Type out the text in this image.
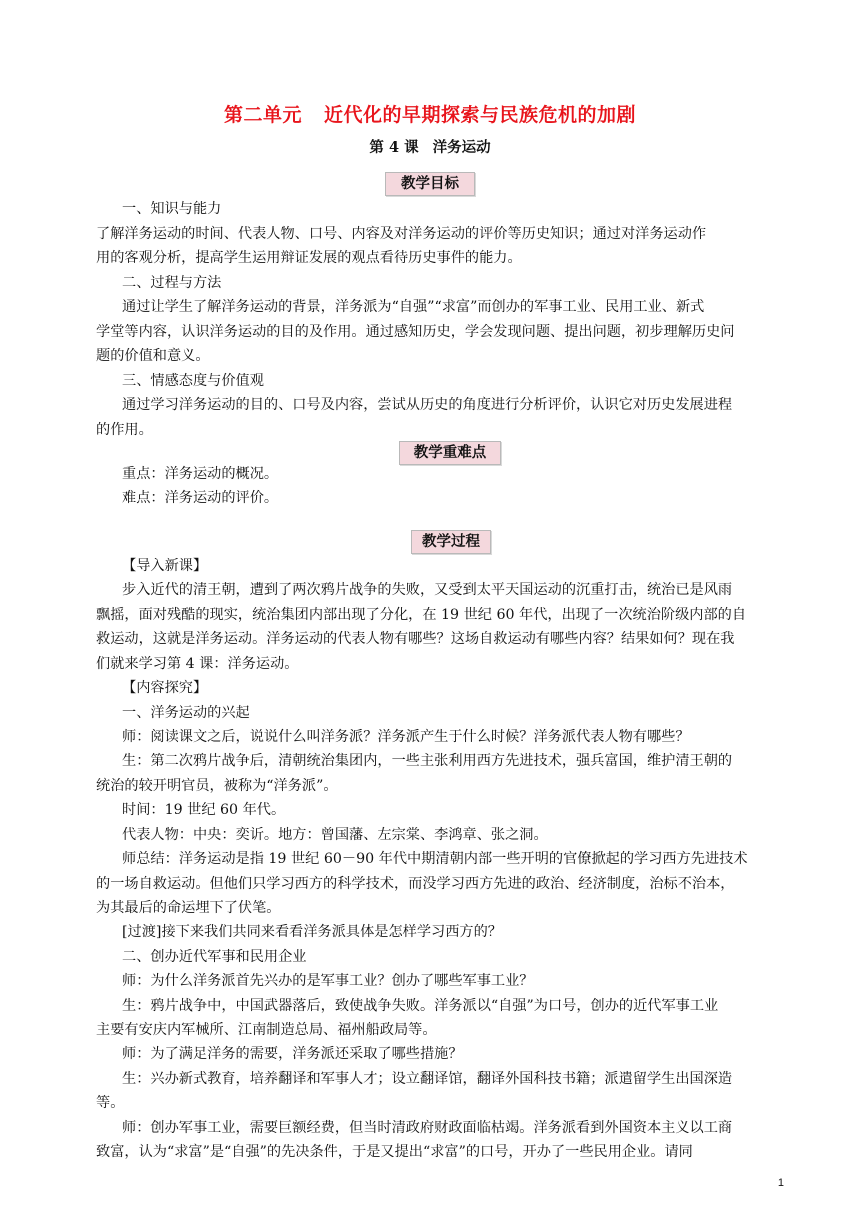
第二单元 近代化的早期探索与民族危机的加剧
第 4 课 洋务运动
教学目标
一、知识与能力
了解洋务运动的时间、代表人物、口号、内容及对洋务运动的评价等历史知识；通过对洋务运动作
用的客观分析，提高学生运用辩证发展的观点看待历史事件的能力。
二、过程与方法
通过让学生了解洋务运动的背景，洋务派为“自强”“求富”而创办的军事工业、民用工业、新式
学堂等内容，认识洋务运动的目的及作用。通过感知历史，学会发现问题、提出问题，初步理解历史问
题的价值和意义。
三、情感态度与价值观
通过学习洋务运动的目的、口号及内容，尝试从历史的角度进行分析评价，认识它对历史发展进程
的作用。
重点：洋务运动的概况。
难点：洋务运动的评价。
【导入新课】
步入近代的清王朝，遭到了两次鸦片战争的失败，又受到太平天国运动的沉重打击，统治已是风雨
飘摇，面对残酷的现实，统治集团内部出现了分化，在 19 世纪 60 年代，出现了一次统治阶级内部的自
救运动，这就是洋务运动。洋务运动的代表人物有哪些？这场自救运动有哪些内容？结果如何？现在我
们就来学习第 4 课：洋务运动。
【内容探究】
一、洋务运动的兴起
师：阅读课文之后，说说什么叫洋务派？洋务派产生于什么时候？洋务派代表人物有哪些？
生：第二次鸦片战争后，清朝统治集团内，一些主张利用西方先进技术，强兵富国，维护清王朝的
统治的较开明官员，被称为“洋务派”。
时间：19 世纪 60 年代。
代表人物：中央：奕䜣。地方：曾国藩、左宗棠、李鸿章、张之洞。
师总结：洋务运动是指 19 世纪 60－90 年代中期清朝内部一些开明的官僚掀起的学习西方先进技术
的一场自救运动。但他们只学习西方的科学技术，而没学习西方先进的政治、经济制度，治标不治本，
为其最后的命运埋下了伏笔。
[过渡]接下来我们共同来看看洋务派具体是怎样学习西方的？
二、创办近代军事和民用企业
师：为什么洋务派首先兴办的是军事工业？创办了哪些军事工业？
生：鸦片战争中，中国武器落后，致使战争失败。洋务派以“自强”为口号，创办的近代军事工业
主要有安庆内军械所、江南制造总局、福州船政局等。
师：为了满足洋务的需要，洋务派还采取了哪些措施？
生：兴办新式教育，培养翻译和军事人才；设立翻译馆，翻译外国科技书籍；派遣留学生出国深造
等。
师：创办军事工业，需要巨额经费，但当时清政府财政面临枯竭。洋务派看到外国资本主义以工商
致富，认为“求富”是“自强”的先决条件，于是又提出“求富”的口号，开办了一些民用企业。请同
教学重难点
教学过程
1
